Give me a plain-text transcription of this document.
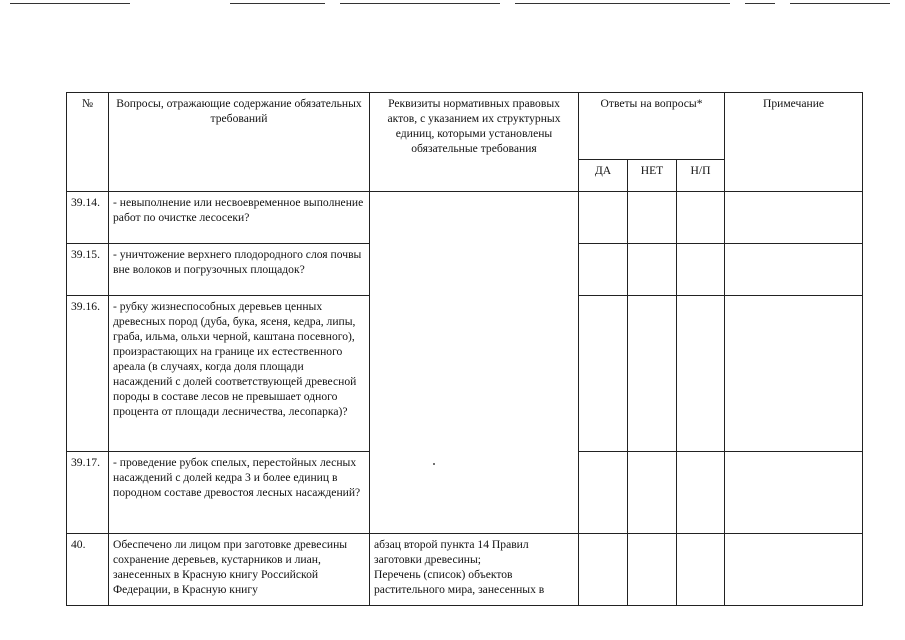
№	Вопросы, отражающие содержание обязательных требований	Реквизиты нормативных правовых актов, с указанием их структурных единиц, которыми установлены обязательные требования	Ответы на вопросы*			Примечание
			ДА	НЕТ	Н/П	
39.14.	- невыполнение или несвоевременное выполнение работ по очистке лесосеки?					
39.15.	- уничтожение верхнего плодородного слоя почвы вне волоков и погрузочных площадок?					
39.16.	- рубку жизнеспособных деревьев ценных древесных пород (дуба, бука, ясеня, кедра, липы, граба, ильма, ольхи черной, каштана посевного), произрастающих на границе их естественного ареала (в случаях, когда доля площади насаждений с долей соответствующей древесной породы в составе лесов не превышает одного процента от площади лесничества, лесопарка)?					
39.17.	- проведение рубок спелых, перестойных лесных насаждений с долей кедра 3 и более единиц в породном составе древостоя лесных насаждений?					
40.	Обеспечено ли лицом при заготовке древесины сохранение деревьев, кустарников и лиан, занесенных в Красную книгу Российской Федерации, в Красную книгу	абзац второй пункта 14 Правил заготовки древесины;
Перечень (список) объектов растительного мира, занесенных в				
